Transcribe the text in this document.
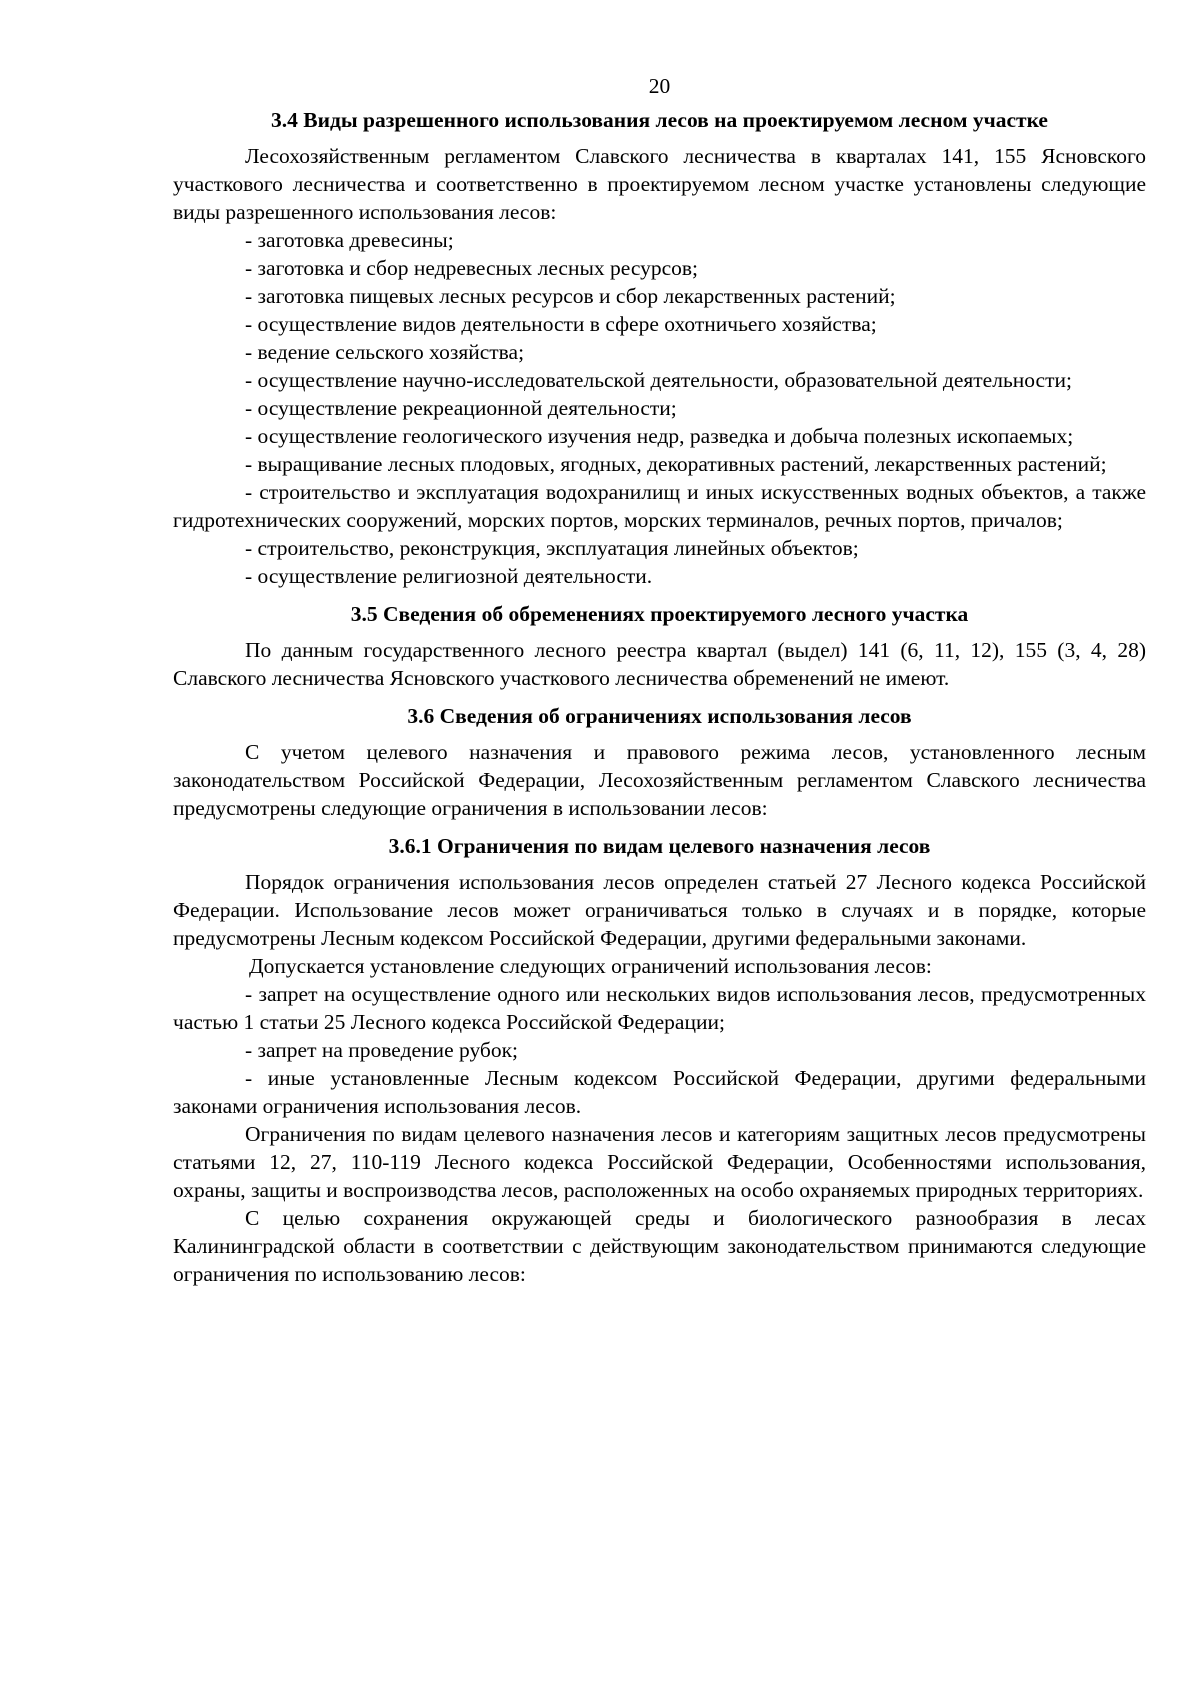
20
3.4 Виды разрешенного использования лесов на проектируемом лесном участке

Лесохозяйственным регламентом Славского лесничества в кварталах 141, 155 Ясновского участкового лесничества и соответственно в проектируемом лесном участке установлены следующие виды разрешенного использования лесов:

- заготовка древесины;
- заготовка и сбор недревесных лесных ресурсов;
- заготовка пищевых лесных ресурсов и сбор лекарственных растений;
- осуществление видов деятельности в сфере охотничьего хозяйства;
- ведение сельского хозяйства;
- осуществление научно-исследовательской деятельности, образовательной деятельности;
- осуществление рекреационной деятельности;
- осуществление геологического изучения недр, разведка и добыча полезных ископаемых;
- выращивание лесных плодовых, ягодных, декоративных растений, лекарственных растений;
- строительство и эксплуатация водохранилищ и иных искусственных водных объектов, а также гидротехнических сооружений, морских портов, морских терминалов, речных портов, причалов;
- строительство, реконструкция, эксплуатация линейных объектов;
- осуществление религиозной деятельности.
3.5 Сведения об обременениях проектируемого лесного участка

По данным государственного лесного реестра квартал (выдел) 141 (6, 11, 12), 155 (3, 4, 28) Славского лесничества Ясновского участкового лесничества обременений не имеют.

3.6 Сведения об ограничениях использования лесов

С учетом целевого назначения и правового режима лесов, установленного лесным законодательством Российской Федерации, Лесохозяйственным регламентом Славского лесничества предусмотрены следующие ограничения в использовании лесов:

3.6.1 Ограничения по видам целевого назначения лесов

Порядок ограничения использования лесов определен статьей 27 Лесного кодекса Российской Федерации. Использование лесов может ограничиваться только в случаях и в порядке, которые предусмотрены Лесным кодексом Российской Федерации, другими федеральными законами.

Допускается установление следующих ограничений использования лесов:

- запрет на осуществление одного или нескольких видов использования лесов, предусмотренных частью 1 статьи 25 Лесного кодекса Российской Федерации;
- запрет на проведение рубок;
- иные установленные Лесным кодексом Российской Федерации, другими федеральными законами ограничения использования лесов.

Ограничения по видам целевого назначения лесов и категориям защитных лесов предусмотрены статьями 12, 27, 110-119 Лесного кодекса Российской Федерации, Особенностями использования, охраны, защиты и воспроизводства лесов, расположенных на особо охраняемых природных территориях.

С целью сохранения окружающей среды и биологического разнообразия в лесах Калининградской области в соответствии с действующим законодательством принимаются следующие ограничения по использованию лесов:
